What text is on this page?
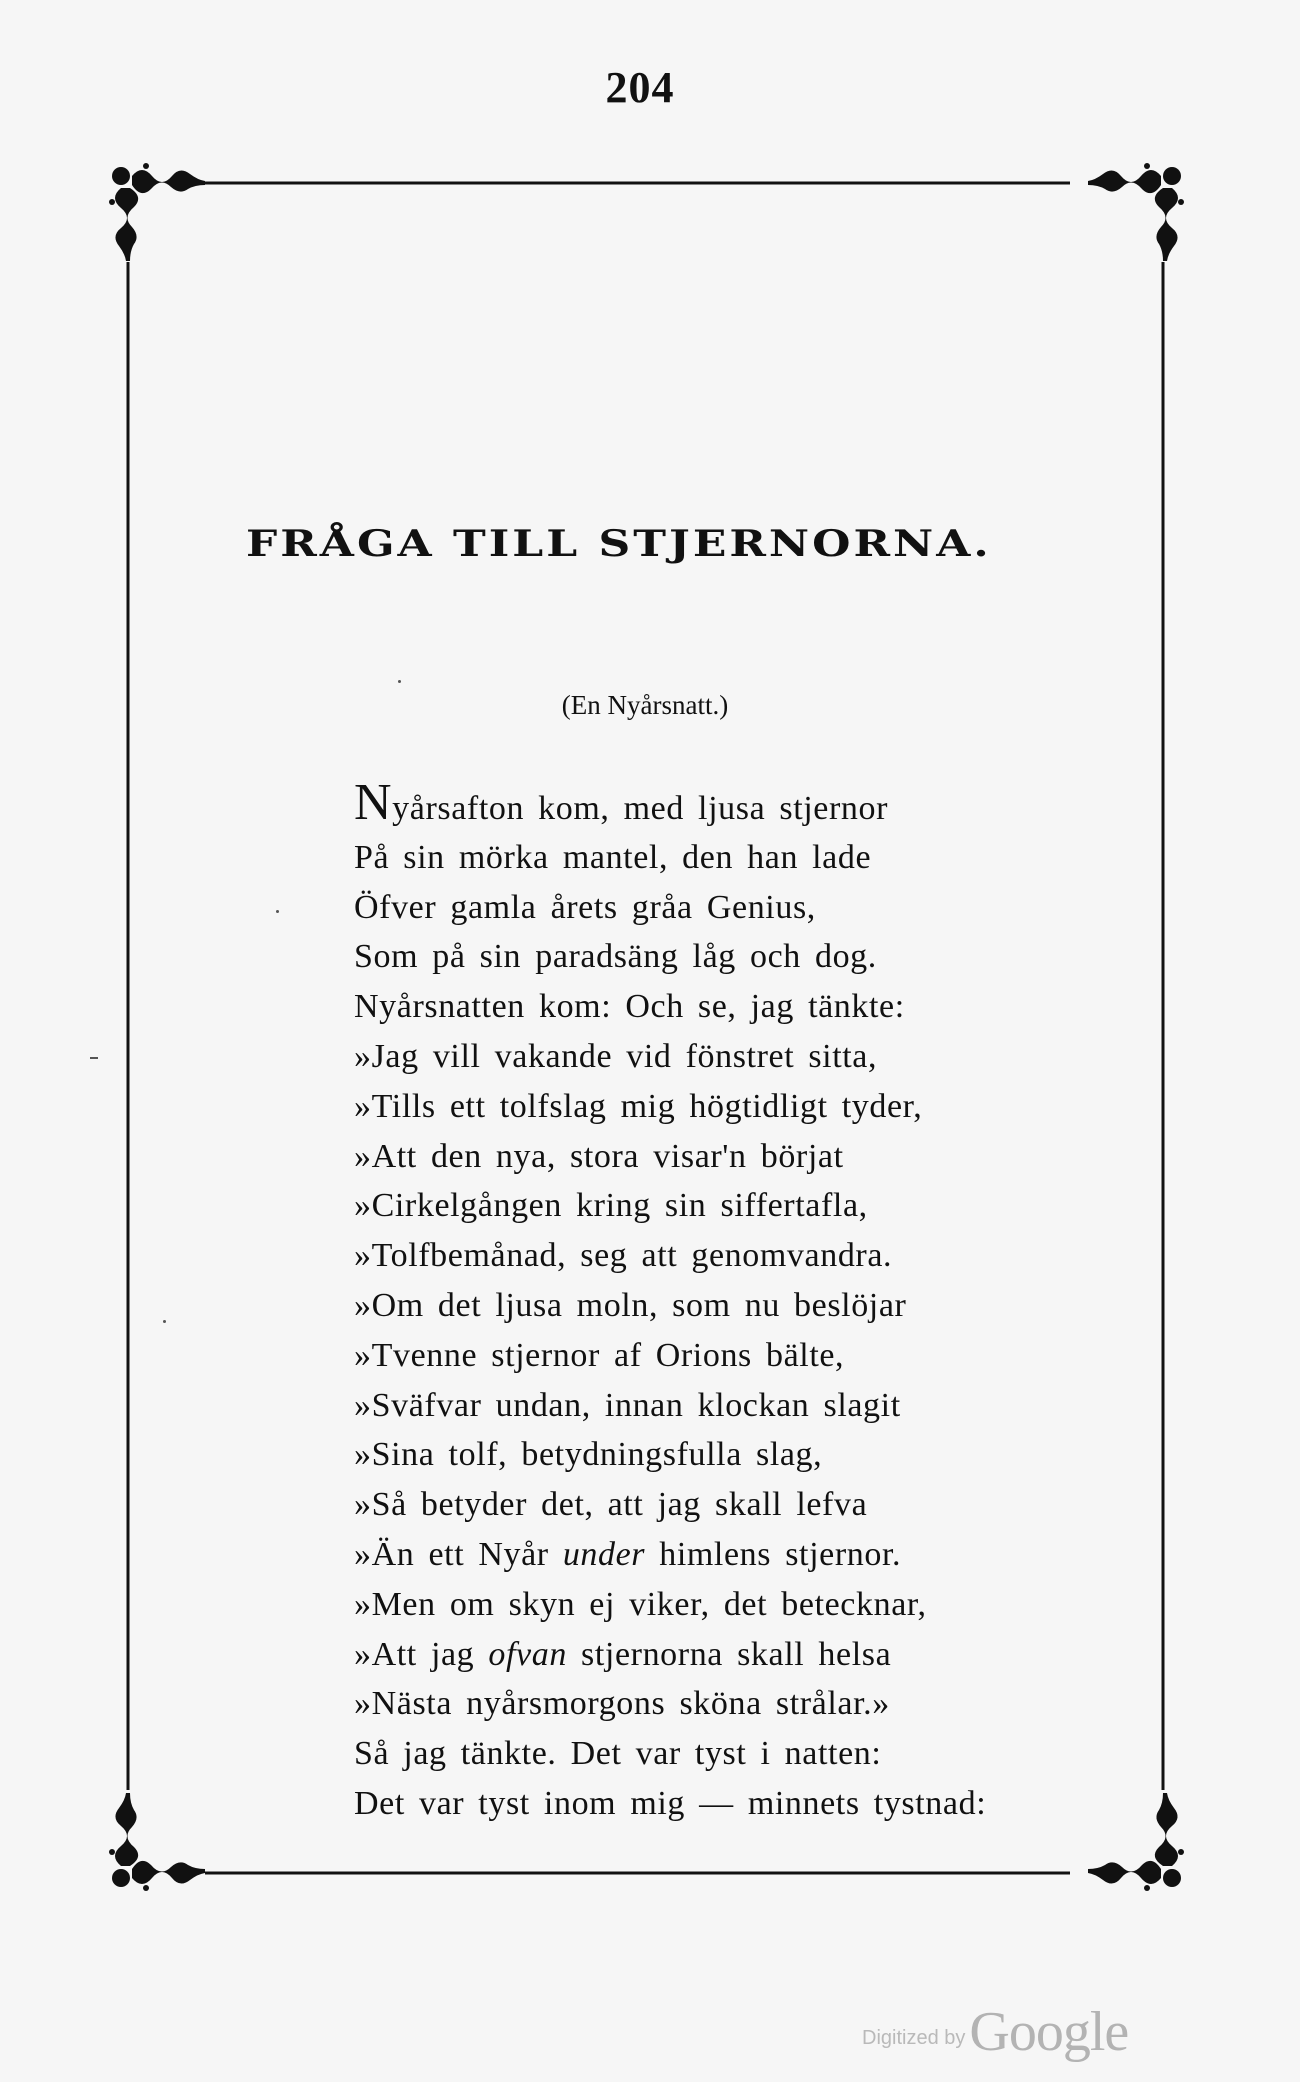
204
FRÅGA TILL STJERNORNA.
(En Nyårsnatt.)
Nyårsafton kom, med ljusa stjernor
På sin mörka mantel, den han lade
Öfver gamla årets gråa Genius,
Som på sin paradsäng låg och dog.
Nyårsnatten kom: Och se, jag tänkte:
»Jag vill vakande vid fönstret sitta,
»Tills ett tolfslag mig högtidligt tyder,
»Att den nya, stora visar'n börjat
»Cirkelgången kring sin siffertafla,
»Tolfbemånad, seg att genomvandra.
»Om det ljusa moln, som nu beslöjar
»Tvenne stjernor af Orions bälte,
»Sväfvar undan, innan klockan slagit
»Sina tolf, betydningsfulla slag,
»Så betyder det, att jag skall lefva
»Än ett Nyår under himlens stjernor.
»Men om skyn ej viker, det betecknar,
»Att jag ofvan stjernorna skall helsa
»Nästa nyårsmorgons sköna strålar.»
Så jag tänkte. Det var tyst i natten:
Det var tyst inom mig — minnets tystnad:
Digitized byGoogle
